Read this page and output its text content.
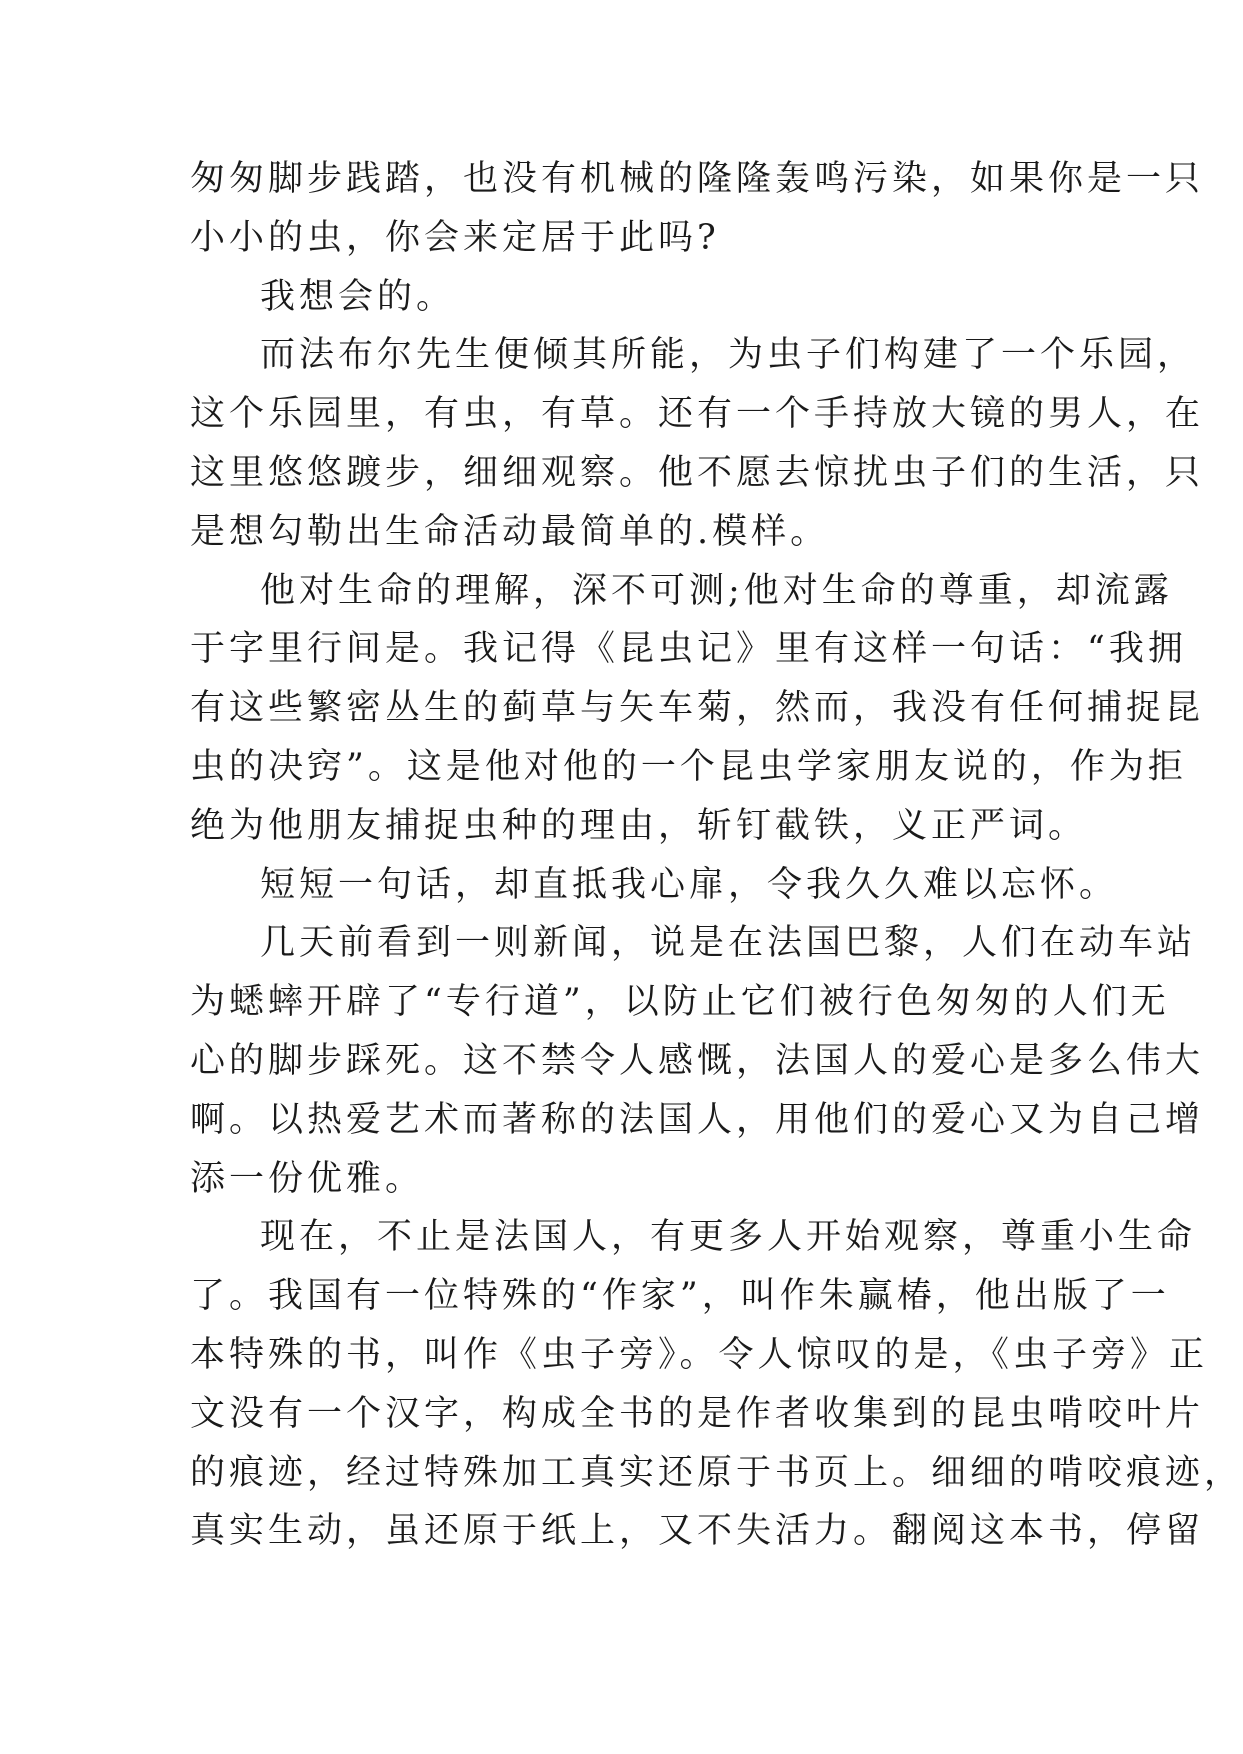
匆匆脚步践踏，也没有机械的隆隆轰鸣污染，如果你是一只
小小的虫，你会来定居于此吗?
我想会的。
而法布尔先生便倾其所能，为虫子们构建了一个乐园，
这个乐园里，有虫，有草。还有一个手持放大镜的男人，在
这里悠悠踱步，细细观察。他不愿去惊扰虫子们的生活，只
是想勾勒出生命活动最简单的.模样。
他对生命的理解，深不可测;他对生命的尊重，却流露
于字里行间是。我记得《昆虫记》里有这样一句话：“我拥
有这些繁密丛生的蓟草与矢车菊，然而，我没有任何捕捉昆
虫的决窍”。这是他对他的一个昆虫学家朋友说的，作为拒
绝为他朋友捕捉虫种的理由，斩钉截铁，义正严词。
短短一句话，却直抵我心扉，令我久久难以忘怀。
几天前看到一则新闻，说是在法国巴黎，人们在动车站
为蟋蟀开辟了“专行道”，以防止它们被行色匆匆的人们无
心的脚步踩死。这不禁令人感慨，法国人的爱心是多么伟大
啊。以热爱艺术而著称的法国人，用他们的爱心又为自己增
添一份优雅。
现在，不止是法国人，有更多人开始观察，尊重小生命
了。我国有一位特殊的“作家”，叫作朱赢椿，他出版了一
本特殊的书，叫作《虫子旁》。令人惊叹的是，《虫子旁》正
文没有一个汉字，构成全书的是作者收集到的昆虫啃咬叶片
的痕迹，经过特殊加工真实还原于书页上。细细的啃咬痕迹，
真实生动，虽还原于纸上，又不失活力。翻阅这本书，停留
